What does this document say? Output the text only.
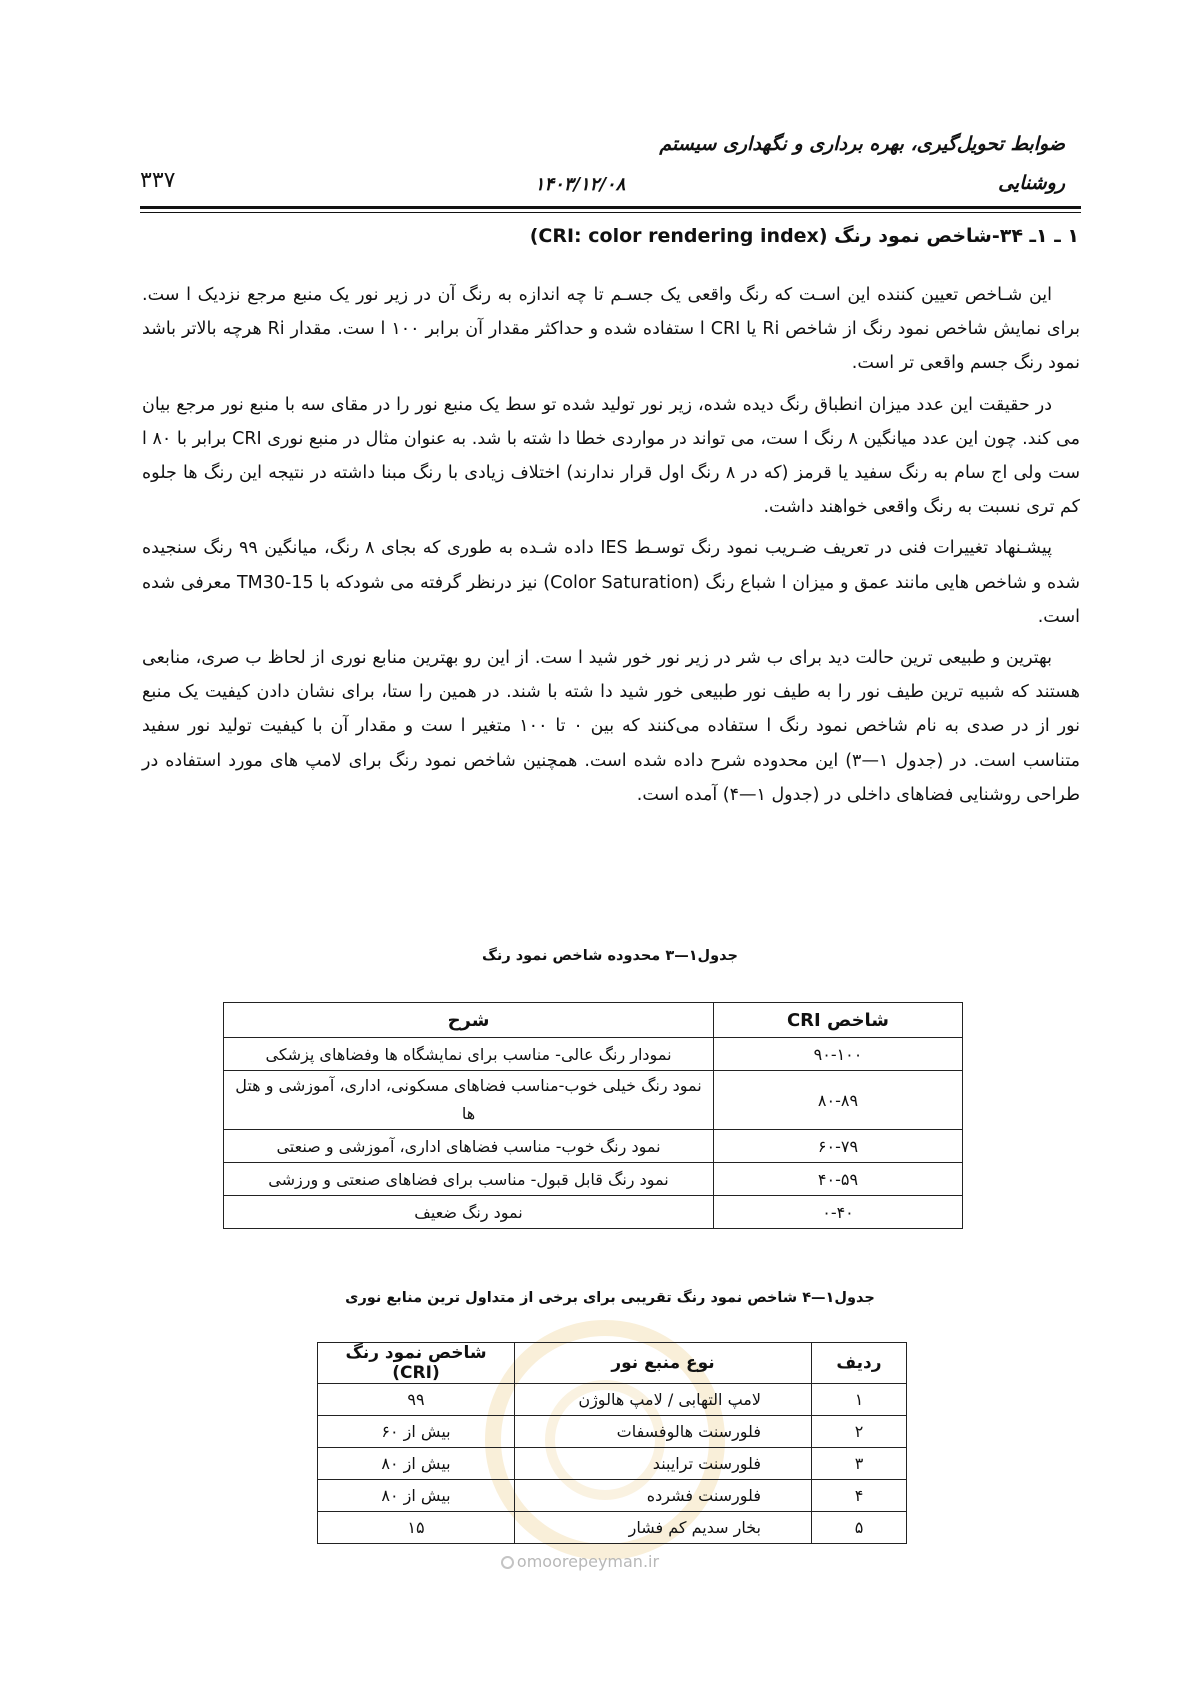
ضوابط تحویل‌گیری، بهره برداری و نگهداری سیستم
روشنایی
۱۴۰۳/۱۲/۰۸
۳۳۷
۱ ـ ۱ـ ۳۴-شاخص نمود رنگ (CRI: color rendering index)

این شـاخص تعیین کننده این اسـت که رنگ واقعی یک جسـم تا چه اندازه به رنگ آن در زیر نور یک منبع مرجع نزدیک ا ست. برای نمایش شاخص نمود رنگ از شاخص Ri یا CRI ا ستفاده شده و حداکثر مقدار آن برابر ۱۰۰ ا ست. مقدار Ri هرچه بالاتر باشد نمود رنگ جسم واقعی تر است.

در حقیقت این عدد میزان انطباق رنگ دیده شده، زیر نور تولید شده تو سط یک منبع نور را در مقای سه با منبع نور مرجع بیان می کند. چون این عدد میانگین ۸ رنگ ا ست، می تواند در مواردی خطا دا شته با شد. به عنوان مثال در منبع نوری CRI برابر با ۸۰ ا ست ولی اج سام به رنگ سفید یا قرمز (که در ۸ رنگ اول قرار ندارند) اختلاف زیادی با رنگ مبنا داشته در نتیجه این رنگ ها جلوه کم تری نسبت به رنگ واقعی خواهند داشت.

پیشـنهاد تغییرات فنی در تعریف ضـریب نمود رنگ توسـط IES داده شـده به طوری که بجای ۸ رنگ، میانگین ۹۹ رنگ سنجیده شده و شاخص هایی مانند عمق و میزان ا شباع رنگ (Color Saturation) نیز درنظر گرفته می شودکه با TM30-15 معرفی شده است.

بهترین و طبیعی ترین حالت دید برای ب شر در زیر نور خور شید ا ست. از این رو بهترین منابع نوری از لحاظ ب صری، منابعی هستند که شبیه ترین طیف نور را به طیف نور طبیعی خور شید دا شته با شند. در همین را ستا، برای نشان دادن کیفیت یک منبع نور از در صدی به نام شاخص نمود رنگ ا ستفاده می‌کنند که بین ۰ تا ۱۰۰ متغیر ا ست و مقدار آن با کیفیت تولید نور سفید متناسب است. در (جدول ۱—۳) این محدوده شرح داده شده است. همچنین شاخص نمود رنگ برای لامپ های مورد استفاده در طراحی روشنایی فضاهای داخلی در (جدول ۱—۴) آمده است.

جدول۱—۳ محدوده شاخص نمود رنگ
شاخص CRI	شرح
۹۰-۱۰۰	نمودار رنگ عالی- مناسب برای نمایشگاه ها وفضاهای پزشکی
۸۰-۸۹	نمود رنگ خیلی خوب-مناسب فضاهای مسکونی، اداری، آموزشی و هتل ها
۶۰-۷۹	نمود رنگ خوب- مناسب فضاهای اداری، آموزشی و صنعتی
۴۰-۵۹	نمود رنگ قابل قبول- مناسب برای فضاهای صنعتی و ورزشی
۰-۴۰	نمود رنگ ضعیف
جدول۱—۴ شاخص نمود رنگ تقریبی برای برخی از متداول ترین منابع نوری
ردیف	نوع منبع نور	شاخص نمود رنگ (CRI)
۱	لامپ التهابی / لامپ هالوژن	۹۹
۲	فلورسنت هالوفسفات	بیش از ۶۰
۳	فلورسنت ترایبند	بیش از ۸۰
۴	فلورسنت فشرده	بیش از ۸۰
۵	بخار سدیم کم فشار	۱۵
omoorepeyman.ir
